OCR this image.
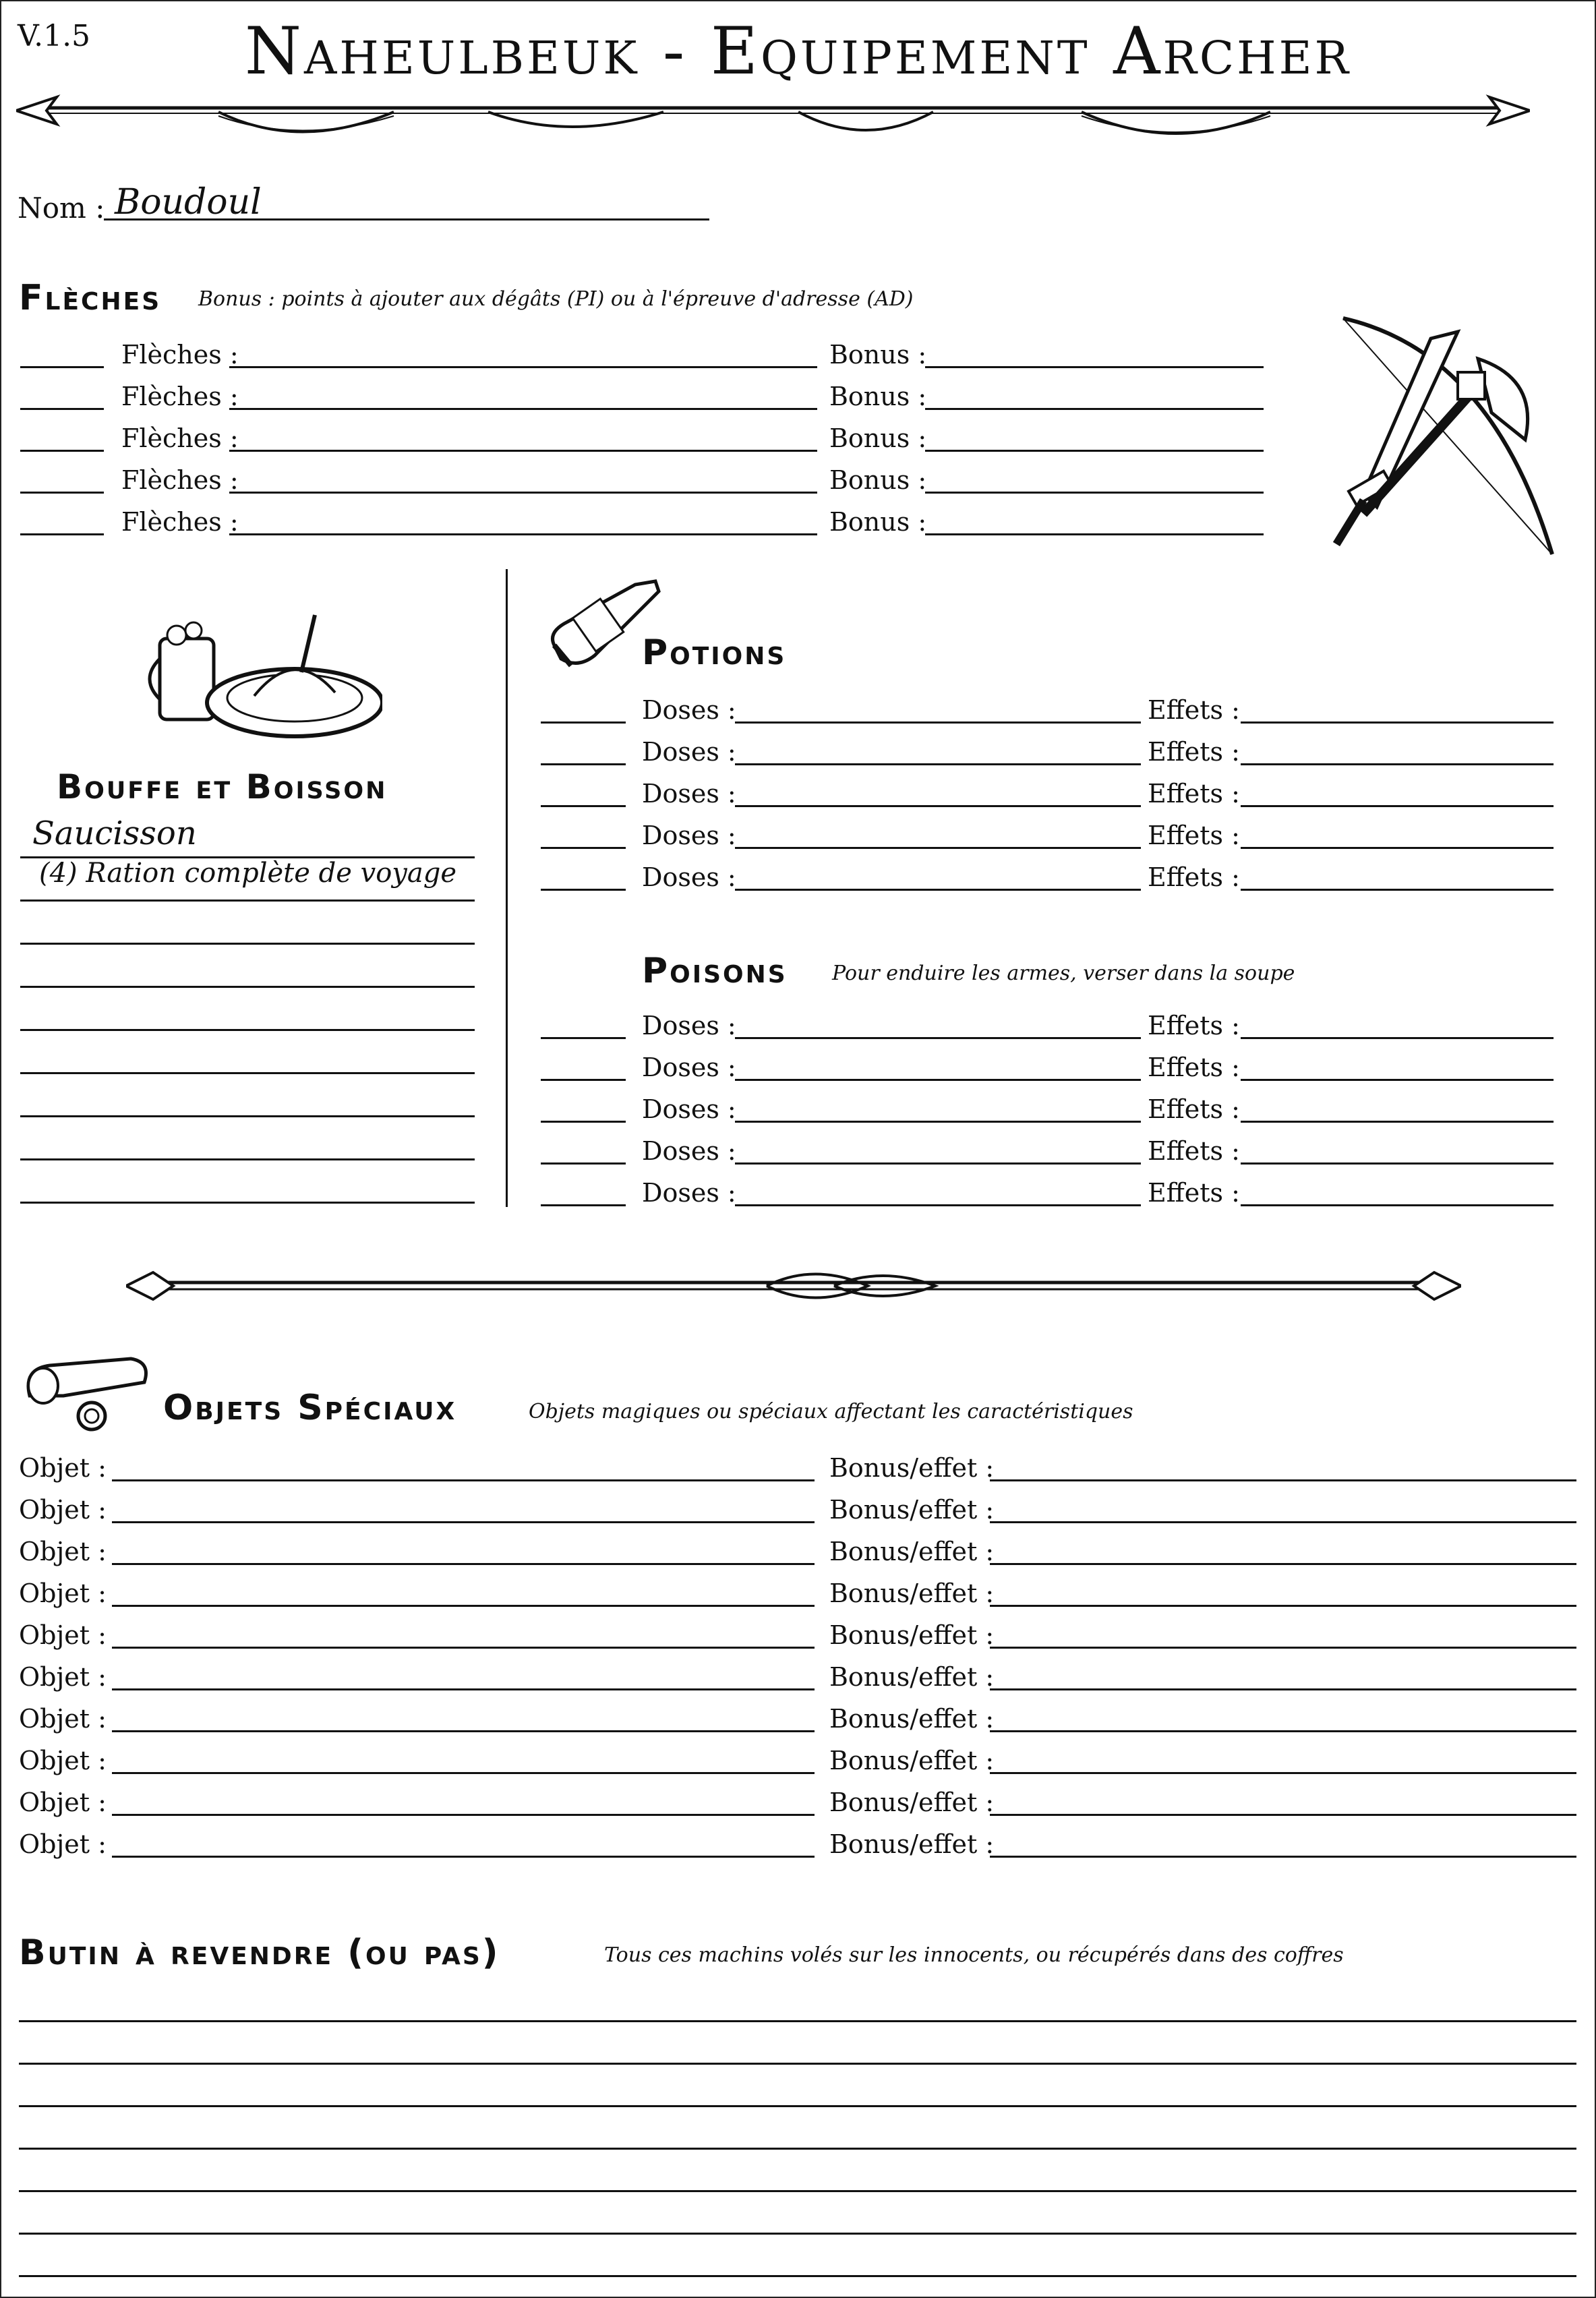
V.1.5	Naheulbeuk - Equipement Archer
Nom : Boudoul
Flèches Bonus : points à ajouter aux dégâts (PI) ou à l'épreuve d'adresse (AD)
Flèches :	Bonus :
Flèches :	Bonus :
Flèches :	Bonus :
Flèches :	Bonus :
Flèches :	Bonus :
Bouffe et Boisson
Saucisson
(4) Ration complète de voyage
Potions
Doses :	Effets :
Doses :	Effets :
Doses :	Effets :
Doses :	Effets :
Doses :	Effets :
Poisons Pour enduire les armes, verser dans la soupe
Doses :	Effets :
Doses :	Effets :
Doses :	Effets :
Doses :	Effets :
Doses :	Effets :
Objets Spéciaux	Objets magiques ou spéciaux affectant les caractéristiques
Objet :	Bonus/effet :
Objet :	Bonus/effet :
Objet :	Bonus/effet :
Objet :	Bonus/effet :
Objet :	Bonus/effet :
Objet :	Bonus/effet :
Objet :	Bonus/effet :
Objet :	Bonus/effet :
Objet :	Bonus/effet :
Objet :	Bonus/effet :
Butin à revendre (ou pas)	Tous ces machins volés sur les innocents, ou récupérés dans des coffres
